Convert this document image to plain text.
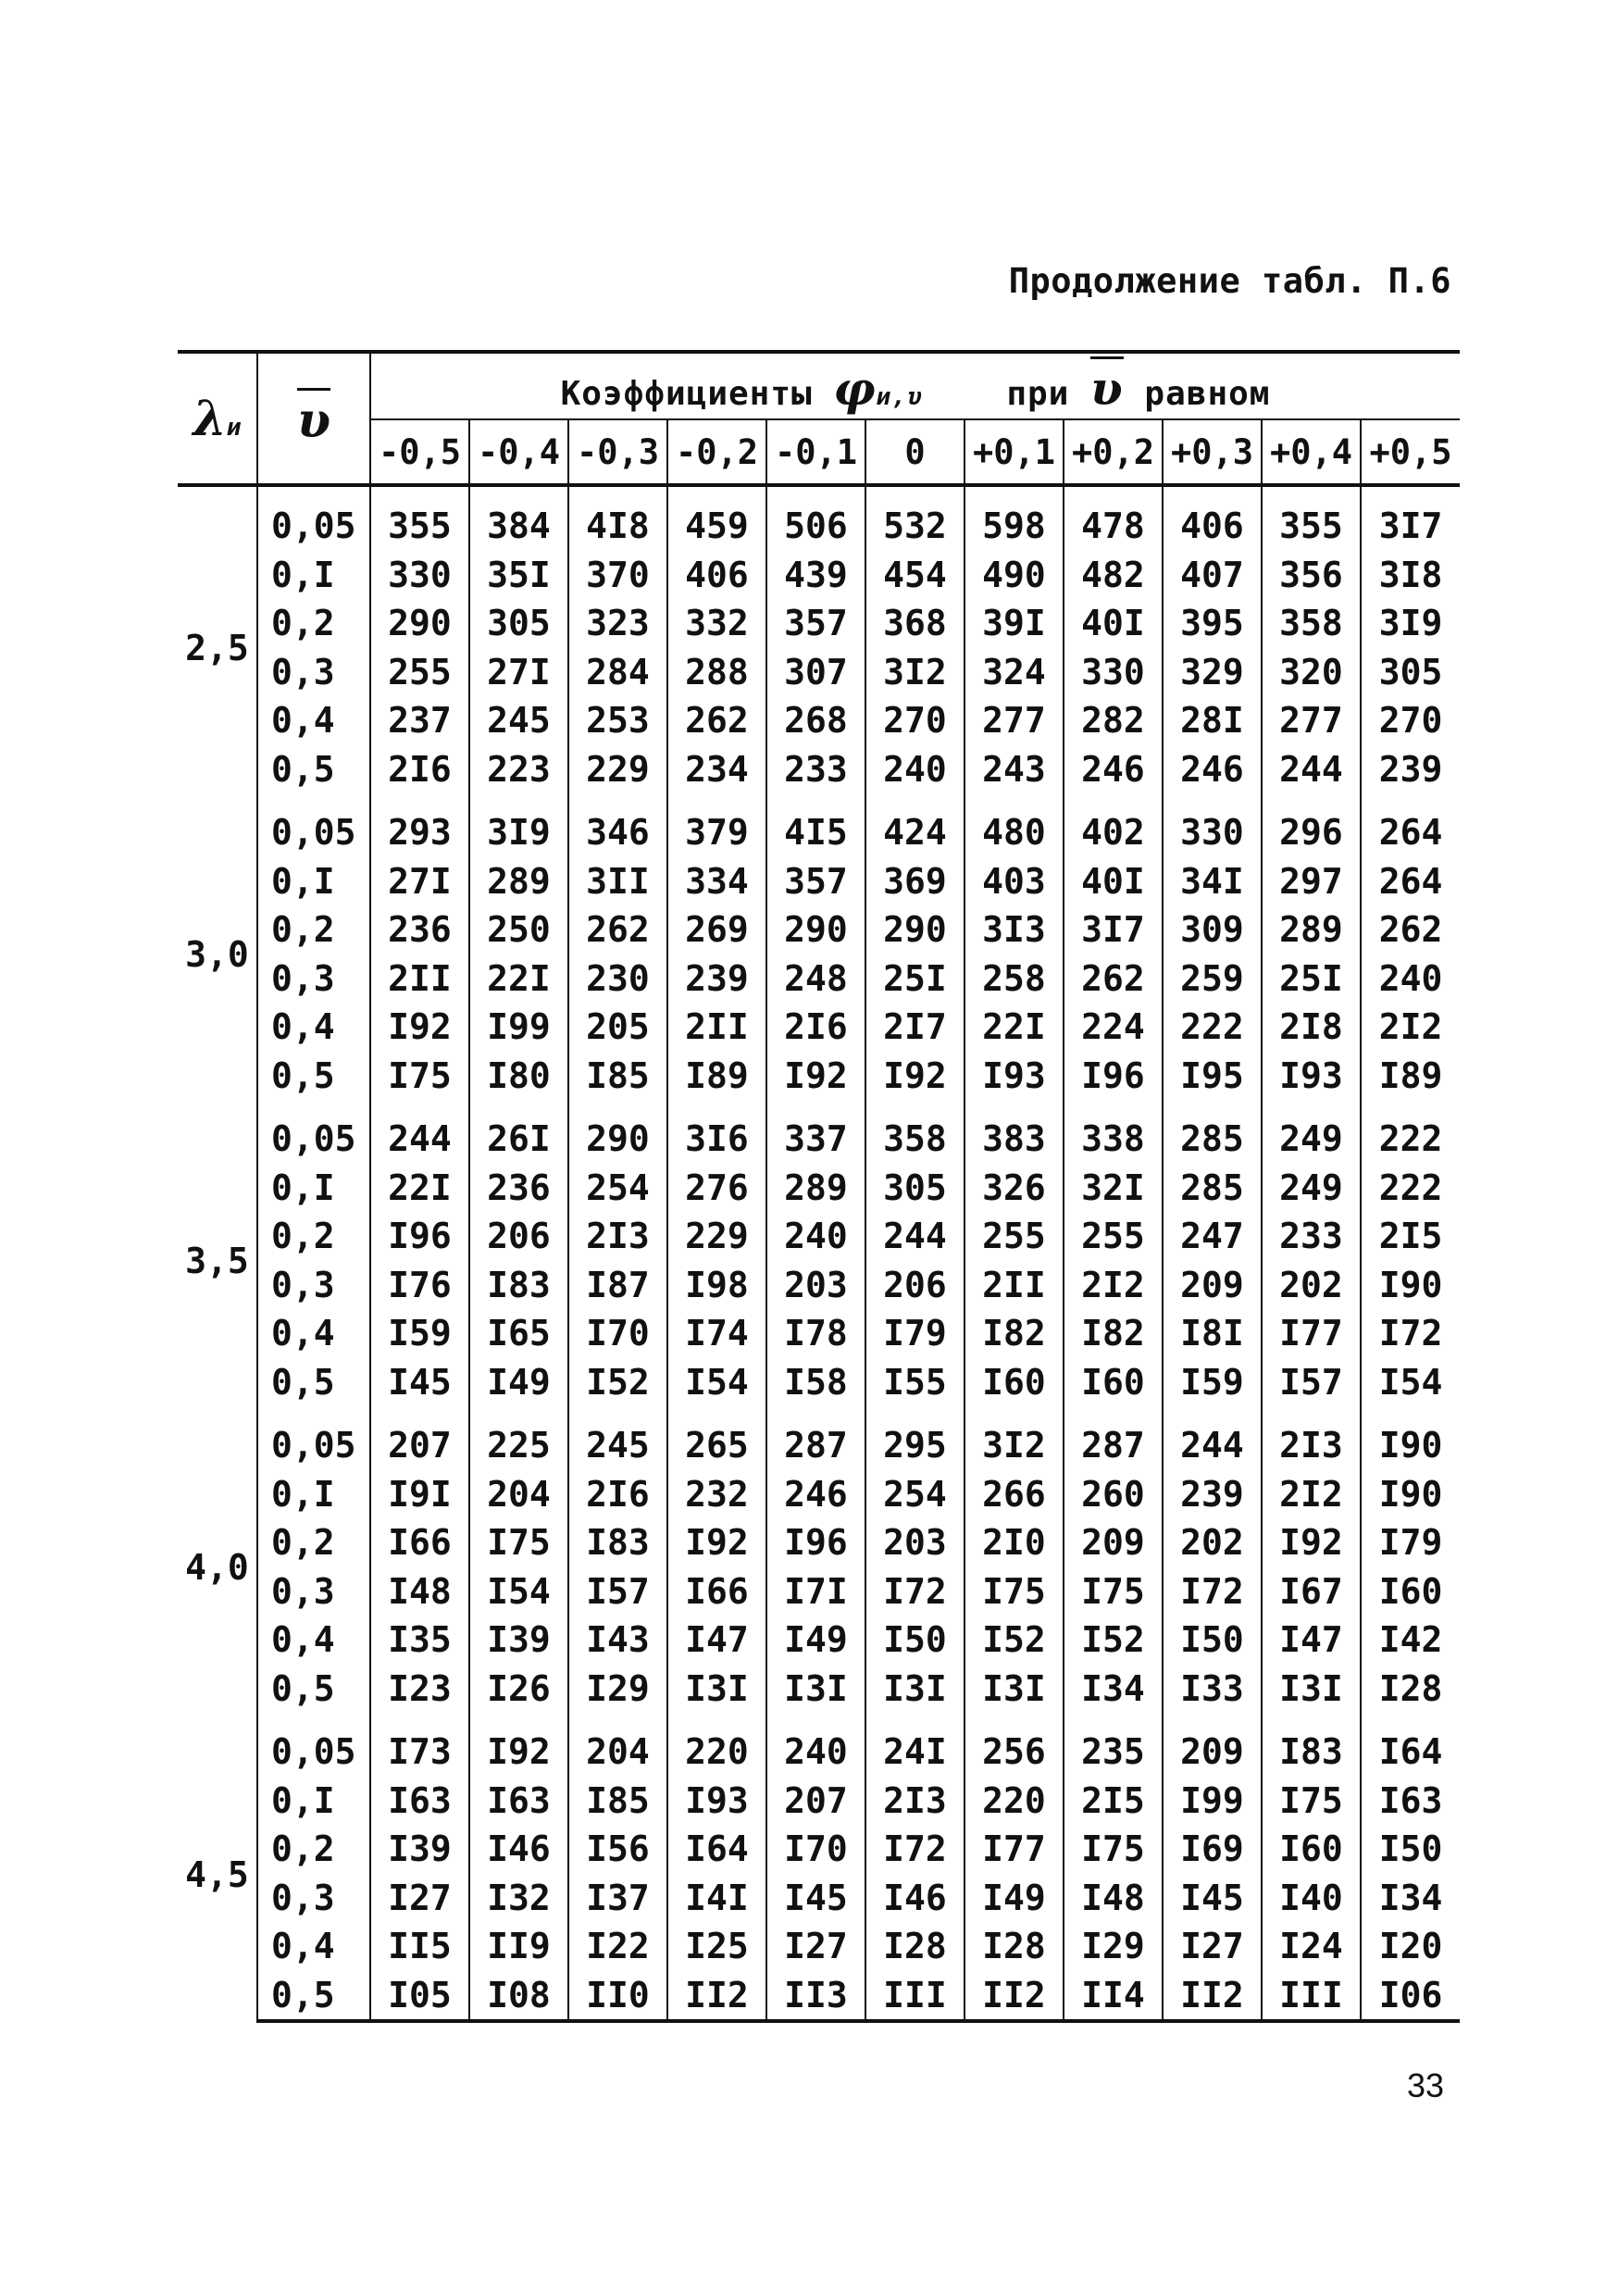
Продолжение табл. П.6
λи	υ	Коэффициенты φи,υ при υ равном										
		-0,5	-0,4	-0,3	-0,2	-0,1	0	+0,1	+0,2	+0,3	+0,4	+0,5
2,5	0,05	355	384	4I8	459	506	532	598	478	406	355	3I7
	0,I	330	35I	370	406	439	454	490	482	407	356	3I8
	0,2	290	305	323	332	357	368	39I	40I	395	358	3I9
	0,3	255	27I	284	288	307	3I2	324	330	329	320	305
	0,4	237	245	253	262	268	270	277	282	28I	277	270
	0,5	2I6	223	229	234	233	240	243	246	246	244	239
3,0	0,05	293	3I9	346	379	4I5	424	480	402	330	296	264
	0,I	27I	289	3II	334	357	369	403	40I	34I	297	264
	0,2	236	250	262	269	290	290	3I3	3I7	309	289	262
	0,3	2II	22I	230	239	248	25I	258	262	259	25I	240
	0,4	I92	I99	205	2II	2I6	2I7	22I	224	222	2I8	2I2
	0,5	I75	I80	I85	I89	I92	I92	I93	I96	I95	I93	I89
3,5	0,05	244	26I	290	3I6	337	358	383	338	285	249	222
	0,I	22I	236	254	276	289	305	326	32I	285	249	222
	0,2	I96	206	2I3	229	240	244	255	255	247	233	2I5
	0,3	I76	I83	I87	I98	203	206	2II	2I2	209	202	I90
	0,4	I59	I65	I70	I74	I78	I79	I82	I82	I8I	I77	I72
	0,5	I45	I49	I52	I54	I58	I55	I60	I60	I59	I57	I54
4,0	0,05	207	225	245	265	287	295	3I2	287	244	2I3	I90
	0,I	I9I	204	2I6	232	246	254	266	260	239	2I2	I90
	0,2	I66	I75	I83	I92	I96	203	2I0	209	202	I92	I79
	0,3	I48	I54	I57	I66	I7I	I72	I75	I75	I72	I67	I60
	0,4	I35	I39	I43	I47	I49	I50	I52	I52	I50	I47	I42
	0,5	I23	I26	I29	I3I	I3I	I3I	I3I	I34	I33	I3I	I28
4,5	0,05	I73	I92	204	220	240	24I	256	235	209	I83	I64
	0,I	I63	I63	I85	I93	207	2I3	220	2I5	I99	I75	I63
	0,2	I39	I46	I56	I64	I70	I72	I77	I75	I69	I60	I50
	0,3	I27	I32	I37	I4I	I45	I46	I49	I48	I45	I40	I34
	0,4	II5	II9	I22	I25	I27	I28	I28	I29	I27	I24	I20
	0,5	I05	I08	II0	II2	II3	III	II2	II4	II2	III	I06
33
